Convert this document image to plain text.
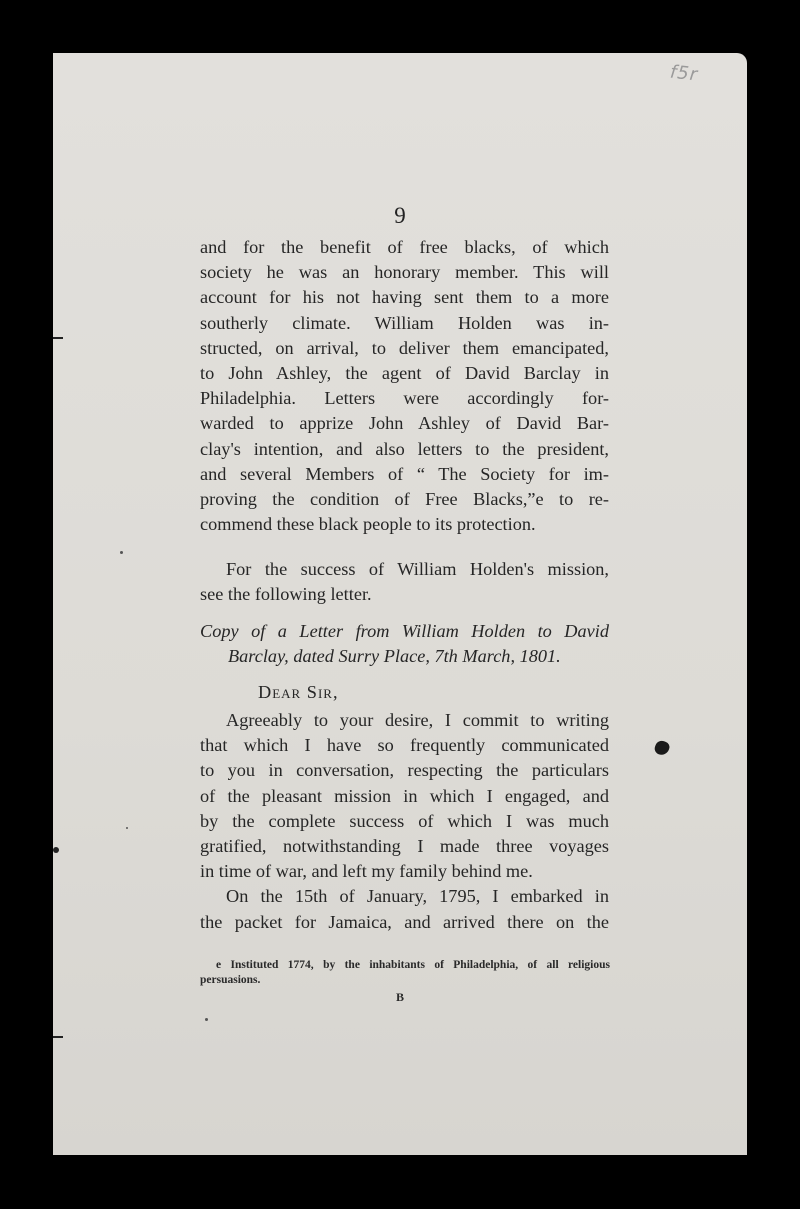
f5r
9
and for the benefit of free blacks, of which
society he was an honorary member. This will
account for his not having sent them to a more
southerly climate. William Holden was in-
structed, on arrival, to deliver them emancipated,
to John Ashley, the agent of David Barclay in
Philadelphia. Letters were accordingly for-
warded to apprize John Ashley of David Bar-
clay's intention, and also letters to the president,
and several Members of “ The Society for im-
proving the condition of Free Blacks,”e to re-
commend these black people to its protection.
For the success of William Holden's mission,
see the following letter.
Copy of a Letter from William Holden to David
Barclay, dated Surry Place, 7th March, 1801.
Dear Sir,
Agreeably to your desire, I commit to writing
that which I have so frequently communicated
to you in conversation, respecting the particulars
of the pleasant mission in which I engaged, and
by the complete success of which I was much
gratified, notwithstanding I made three voyages
in time of war, and left my family behind me.
On the 15th of January, 1795, I embarked in
the packet for Jamaica, and arrived there on the
e Instituted 1774, by the inhabitants of Philadelphia, of all religious
persuasions.
B
